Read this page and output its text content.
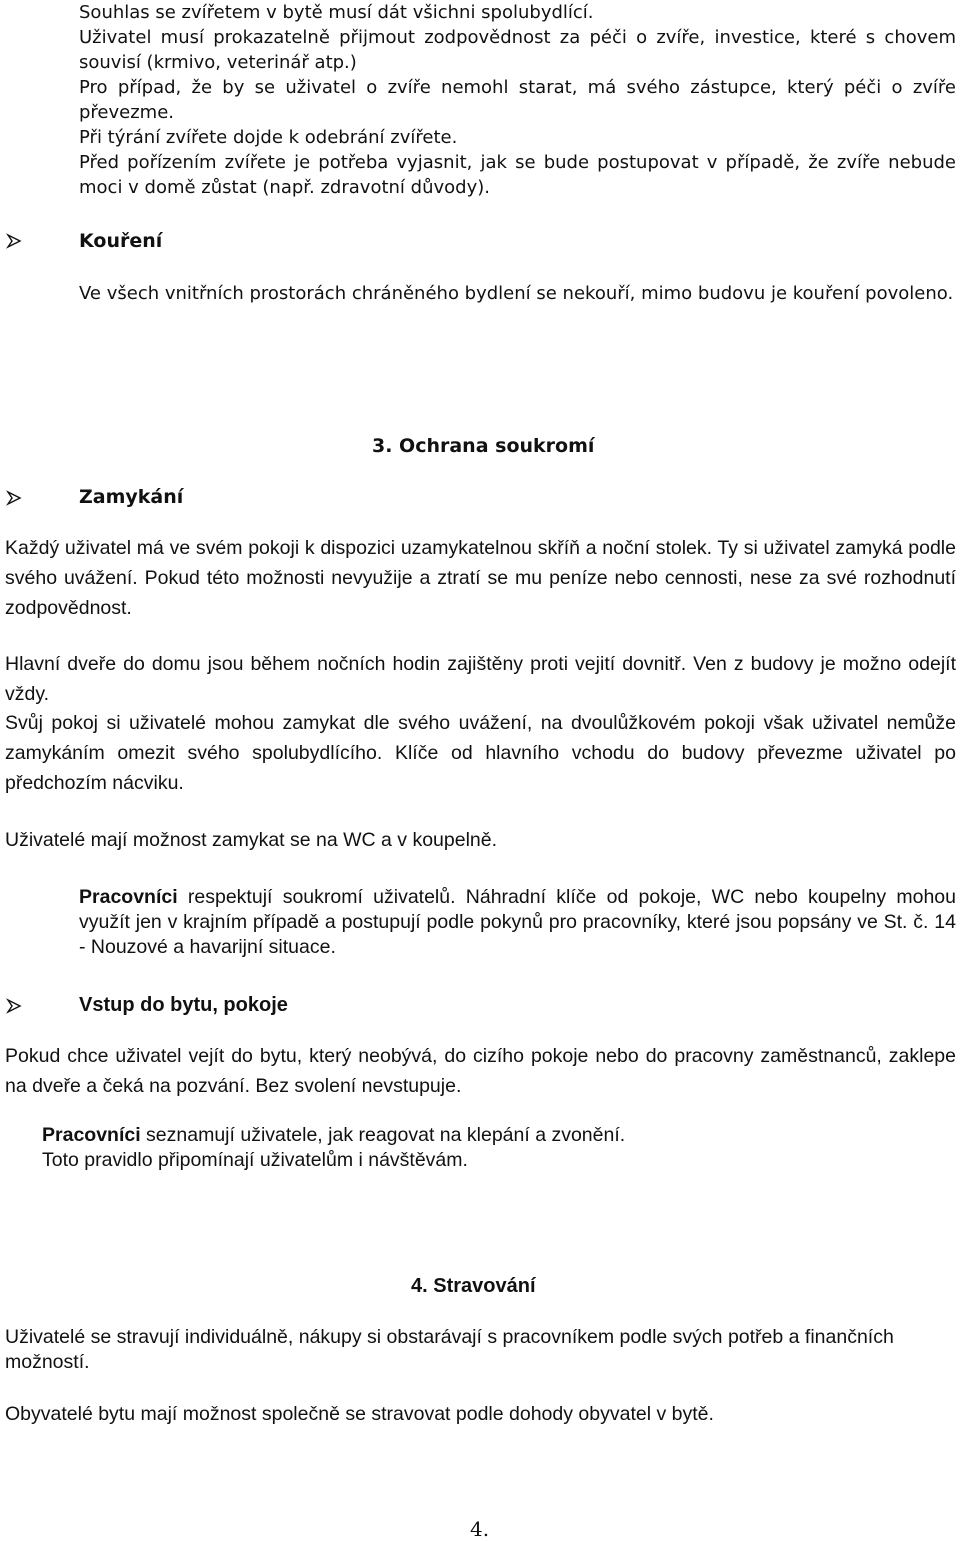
Souhlas se zvířetem v bytě musí dát všichni spolubydlící.
Uživatel musí prokazatelně přijmout zodpovědnost za péči o zvíře, investice, které s chovem souvisí (krmivo, veterinář atp.)
Pro případ, že by se uživatel o zvíře nemohl starat, má svého zástupce, který péči o zvíře převezme.
Při týrání zvířete dojde k odebrání zvířete.
Před pořízením zvířete je potřeba vyjasnit, jak se bude postupovat v případě, že zvíře nebude moci v domě zůstat (např. zdravotní důvody).
Kouření
Ve všech vnitřních prostorách chráněného bydlení se nekouří, mimo budovu je kouření povoleno.
3. Ochrana soukromí
Zamykání
Každý uživatel má ve svém pokoji k dispozici uzamykatelnou skříň a noční stolek. Ty si uživatel zamyká podle svého uvážení. Pokud této možnosti nevyužije a ztratí se mu peníze nebo cennosti, nese za své rozhodnutí zodpovědnost.
Hlavní dveře do domu jsou během nočních hodin zajištěny proti vejití dovnitř. Ven z budovy je možno odejít vždy.
Svůj pokoj si uživatelé mohou zamykat dle svého uvážení, na dvoulůžkovém pokoji však uživatel nemůže zamykáním omezit svého spolubydlícího. Klíče od hlavního vchodu do budovy převezme uživatel po předchozím nácviku.
Uživatelé mají možnost zamykat se na WC a v koupelně.
Pracovníci respektují soukromí uživatelů. Náhradní klíče od pokoje, WC nebo koupelny mohou využít jen v krajním případě a postupují podle pokynů pro pracovníky, které jsou popsány ve St. č. 14 - Nouzové a havarijní situace.
Vstup do bytu, pokoje
Pokud chce uživatel vejít do bytu, který neobývá, do cizího pokoje nebo do pracovny zaměstnanců, zaklepe na dveře a čeká na pozvání. Bez svolení nevstupuje.
Pracovníci seznamují uživatele, jak reagovat na klepání a zvonění.
Toto pravidlo připomínají uživatelům i návštěvám.
4. Stravování
Uživatelé se stravují individuálně, nákupy si obstarávají s pracovníkem podle svých potřeb a finančních možností.
Obyvatelé bytu mají možnost společně se stravovat podle dohody obyvatel v bytě.
4.
